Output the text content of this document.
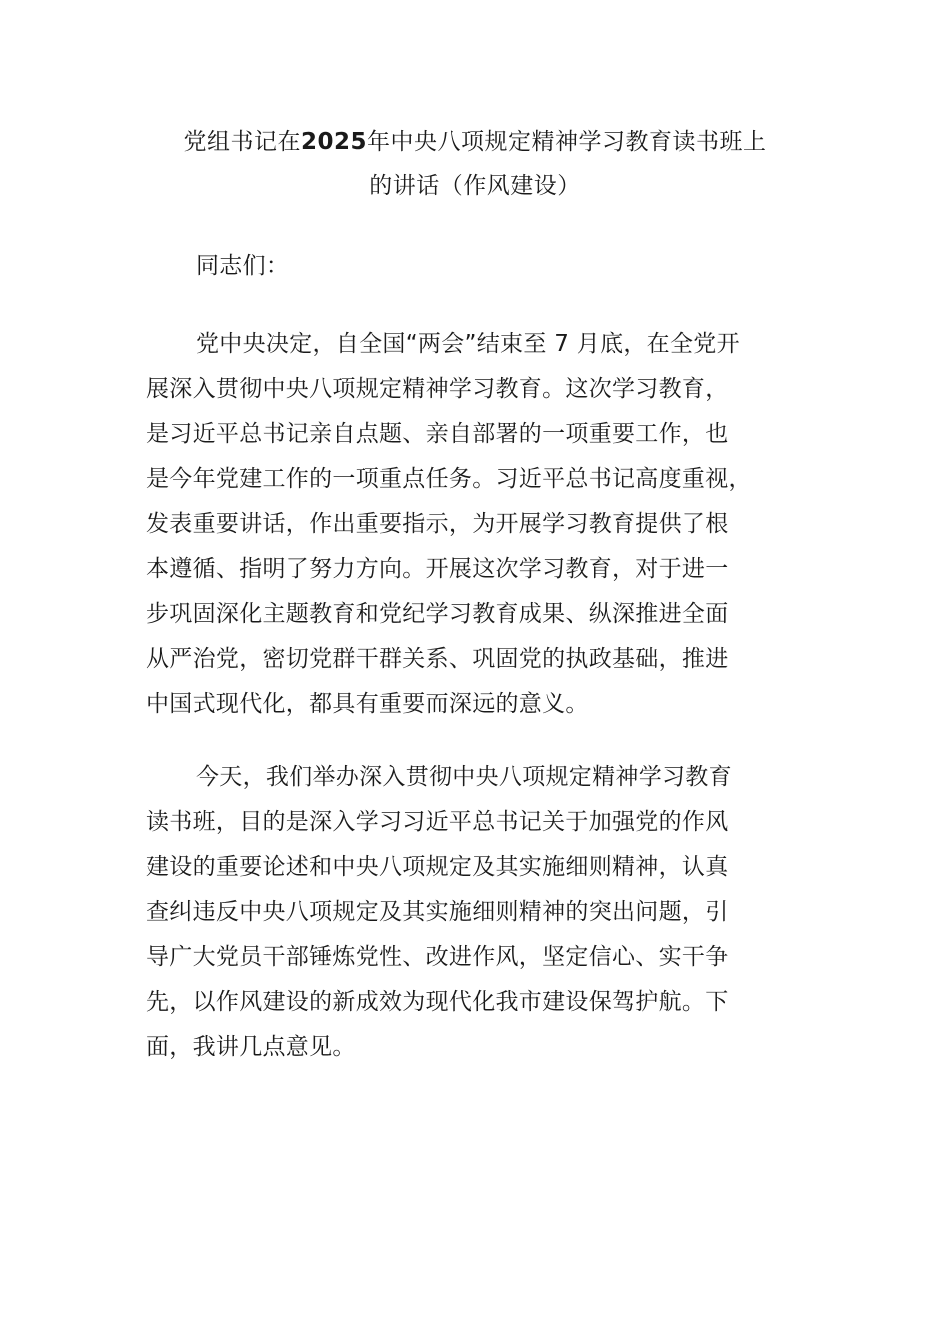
党组书记在2025年中央八项规定精神学习教育读书班上
的讲话（作风建设）

同志们：

党中央决定，自全国“两会”结束至 7 月底，在全党开
展深入贯彻中央八项规定精神学习教育。这次学习教育，
是习近平总书记亲自点题、亲自部署的一项重要工作，也
是今年党建工作的一项重点任务。习近平总书记高度重视，
发表重要讲话，作出重要指示，为开展学习教育提供了根
本遵循、指明了努力方向。开展这次学习教育，对于进一
步巩固深化主题教育和党纪学习教育成果、纵深推进全面
从严治党，密切党群干群关系、巩固党的执政基础，推进
中国式现代化，都具有重要而深远的意义。
今天，我们举办深入贯彻中央八项规定精神学习教育
读书班，目的是深入学习习近平总书记关于加强党的作风
建设的重要论述和中央八项规定及其实施细则精神，认真
查纠违反中央八项规定及其实施细则精神的突出问题，引
导广大党员干部锤炼党性、改进作风，坚定信心、实干争
先，以作风建设的新成效为现代化我市建设保驾护航。下
面，我讲几点意见。
